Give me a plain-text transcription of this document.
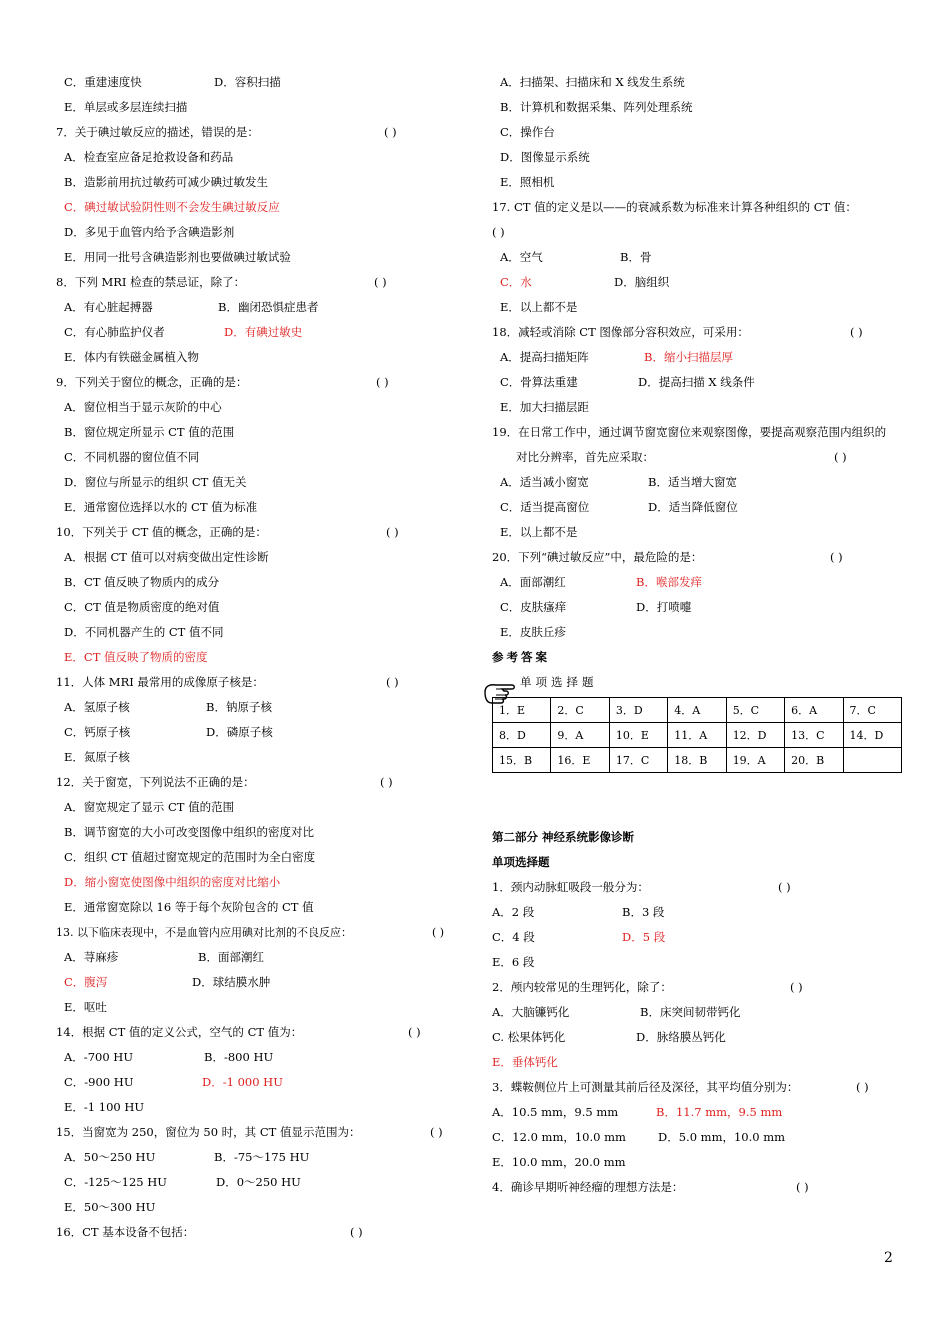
C．重建速度快	D．容积扫描
E．单层或多层连续扫描
7．关于碘过敏反应的描述，错误的是：	( )
A．检查室应备足抢救设备和药品
B．造影前用抗过敏药可减少碘过敏发生
C．碘过敏试验阴性则不会发生碘过敏反应
D．多见于血管内给予含碘造影剂
E．用同一批号含碘造影剂也要做碘过敏试验
8．下列 MRI 检查的禁忌证，除了：	( )
A．有心脏起搏器	B．幽闭恐惧症患者
C．有心肺监护仪者	D．有碘过敏史
E．体内有铁磁金属植入物
9．下列关于窗位的概念，正确的是：	( )
A．窗位相当于显示灰阶的中心
B．窗位规定所显示 CT 值的范围
C．不同机器的窗位值不同
D．窗位与所显示的组织 CT 值无关
E．通常窗位选择以水的 CT 值为标准
10．下列关于 CT 值的概念，正确的是：	( )
A．根据 CT 值可以对病变做出定性诊断
B．CT 值反映了物质内的成分
C．CT 值是物质密度的绝对值
D．不同机器产生的 CT 值不同
E．CT 值反映了物质的密度
11．人体 MRI 最常用的成像原子核是：	( )
A．氢原子核	B．钠原子核
C．钙原子核	D．磷原子核
E．氮原子核
12．关于窗宽，下列说法不正确的是：	( )
A．窗宽规定了显示 CT 值的范围
B．调节窗宽的大小可改变图像中组织的密度对比
C．组织 CT 值超过窗宽规定的范围时为全白密度
D．缩小窗宽使图像中组织的密度对比缩小
E．通常窗宽除以 16 等于每个灰阶包含的 CT 值
13. 以下临床表现中，不是血管内应用碘对比剂的不良反应：	( )
A．荨麻疹	B．面部潮红
C．腹泻	D．球结膜水肿
E．呕吐
14．根据 CT 值的定义公式，空气的 CT 值为：	( )
A．-700 HU	B．-800 HU
C．-900 HU	D．-1 000 HU
E．-1 100 HU
15．当窗宽为 250，窗位为 50 时，其 CT 值显示范围为：	( )
A．50～250 HU	B．-75～175 HU
C．-125～125 HU	D．0～250 HU
E．50～300 HU
16．CT 基本设备不包括：	( )
A．扫描架、扫描床和 X 线发生系统
B．计算机和数据采集、阵列处理系统
C．操作台
D．图像显示系统
E．照相机
17. CT 值的定义是以——的衰减系数为标准来计算各种组织的 CT 值：
( )
A．空气	B．骨
C．水	D．脑组织
E．以上都不是
18．减轻或消除 CT 图像部分容积效应，可采用：	( )
A．提高扫描矩阵	B．缩小扫描层厚
C．骨算法重建	D．提高扫描 X 线条件
E．加大扫描层距
19．在日常工作中，通过调节窗宽窗位来观察图像，要提高观察范围内组织的
对比分辨率，首先应采取：	( )
A．适当减小窗宽	B．适当增大窗宽
C．适当提高窗位	D．适当降低窗位
E．以上都不是
20．下列“碘过敏反应”中，最危险的是：	( )
A．面部潮红	B．喉部发痒
C．皮肤瘙痒	D．打喷嚏
E．皮肤丘疹
参考答案
单项选择题
1．E	2．C	3．D	4．A	5．C	6．A	7．C
8．D	9．A	10．E	11．A	12．D	13．C	14．D
15．B	16．E	17．C	18．B	19．A	20．B	
第二部分 神经系统影像诊断
单项选择题
1．颈内动脉虹吸段一般分为：	( )
A．2 段	B．3 段
C．4 段	D．5 段
E．6 段
2．颅内较常见的生理钙化，除了：	( )
A．大脑镰钙化	B．床突间韧带钙化
C. 松果体钙化	D．脉络膜丛钙化
E．垂体钙化
3．蝶鞍侧位片上可测量其前后径及深径，其平均值分别为：	( )
A．10.5 mm，9.5 mm	B．11.7 mm，9.5 mm
C．12.0 mm，10.0 mm	D．5.0 mm，10.0 mm
E．10.0 mm，20.0 mm
4．确诊早期听神经瘤的理想方法是：	( )
2
